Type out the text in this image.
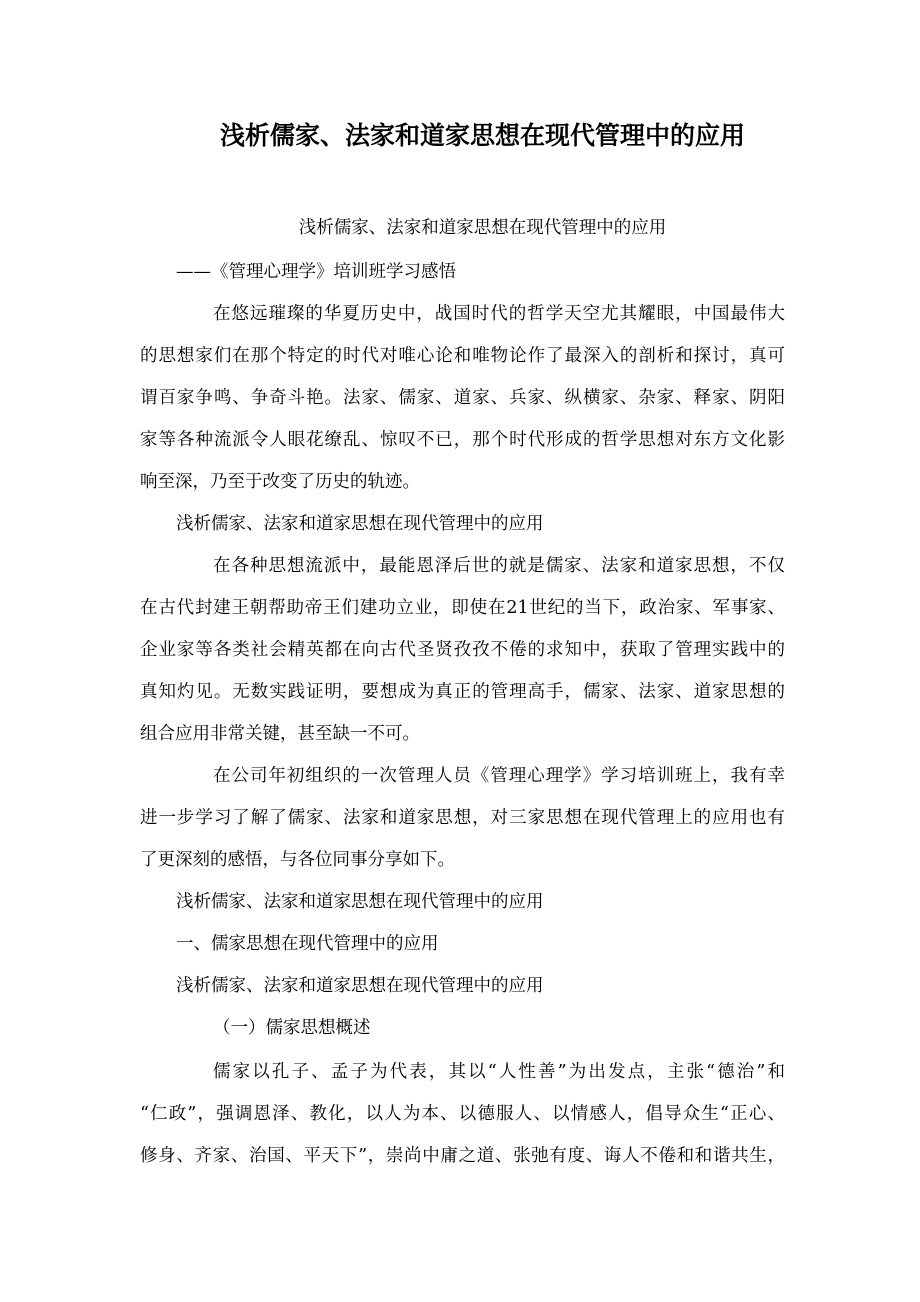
浅析儒家、法家和道家思想在现代管理中的应用

浅析儒家、法家和道家思想在现代管理中的应用

——《管理心理学》培训班学习感悟

在悠远璀璨的华夏历史中，战国时代的哲学天空尤其耀眼，中国最伟大

的思想家们在那个特定的时代对唯心论和唯物论作了最深入的剖析和探讨，真可

谓百家争鸣、争奇斗艳。法家、儒家、道家、兵家、纵横家、杂家、释家、阴阳

家等各种流派令人眼花缭乱、惊叹不已，那个时代形成的哲学思想对东方文化影

响至深，乃至于改变了历史的轨迹。

浅析儒家、法家和道家思想在现代管理中的应用

在各种思想流派中，最能恩泽后世的就是儒家、法家和道家思想，不仅

在古代封建王朝帮助帝王们建功立业，即使在21世纪的当下，政治家、军事家、

企业家等各类社会精英都在向古代圣贤孜孜不倦的求知中，获取了管理实践中的

真知灼见。无数实践证明，要想成为真正的管理高手，儒家、法家、道家思想的

组合应用非常关键，甚至缺一不可。

在公司年初组织的一次管理人员《管理心理学》学习培训班上，我有幸

进一步学习了解了儒家、法家和道家思想，对三家思想在现代管理上的应用也有

了更深刻的感悟，与各位同事分享如下。

浅析儒家、法家和道家思想在现代管理中的应用

一、儒家思想在现代管理中的应用

浅析儒家、法家和道家思想在现代管理中的应用

（一）儒家思想概述

儒家以孔子、孟子为代表，其以“人性善”为出发点，主张“德治”和

“仁政”，强调恩泽、教化，以人为本、以德服人、以情感人，倡导众生“正心、

修身、齐家、治国、平天下”，崇尚中庸之道、张弛有度、诲人不倦和和谐共生，
